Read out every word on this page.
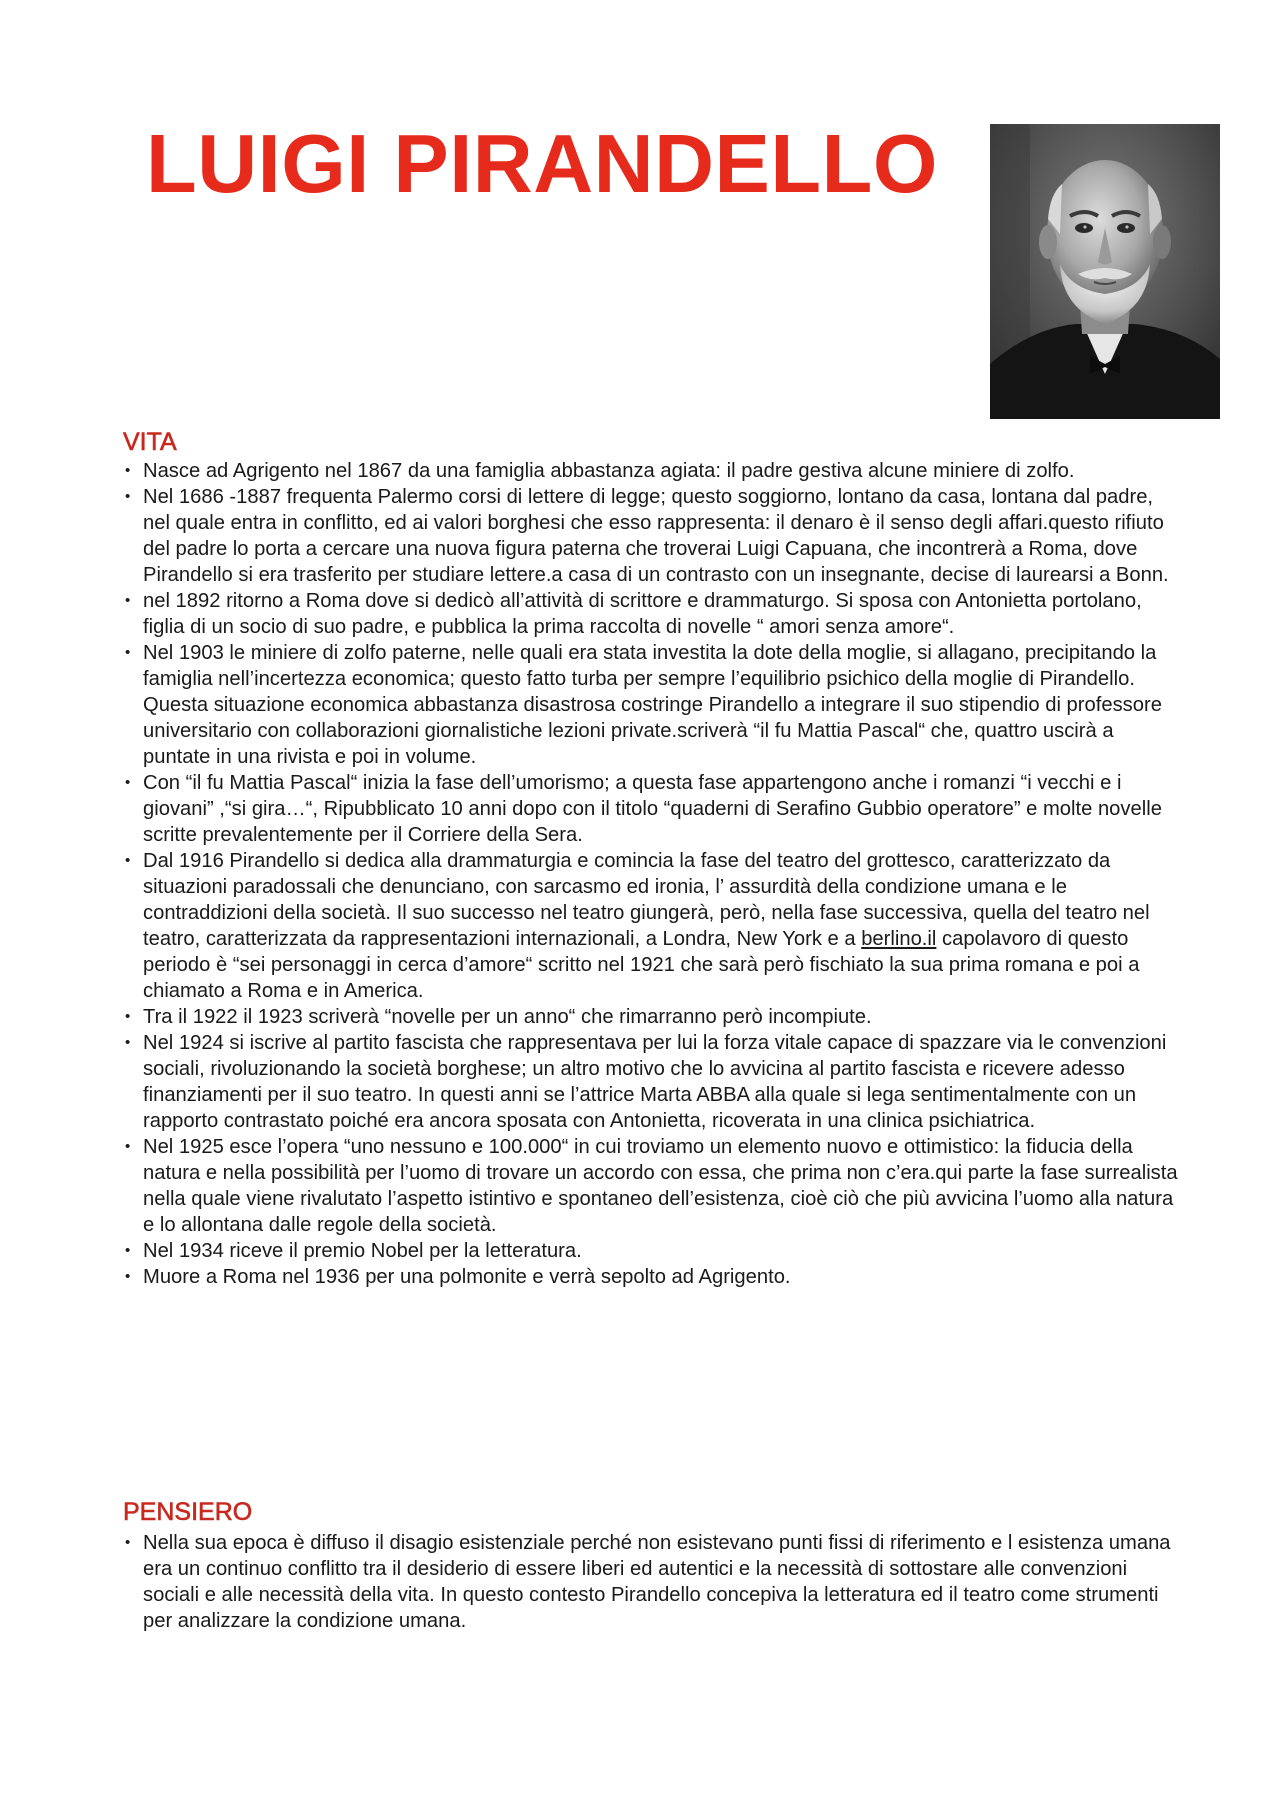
LUIGI PIRANDELLO
VITA
• Nasce ad Agrigento nel 1867 da una famiglia abbastanza agiata: il padre gestiva alcune miniere di zolfo.
• Nel 1686 -1887 frequenta Palermo corsi di lettere di legge; questo soggiorno, lontano da casa, lontana dal padre, nel quale entra in conflitto, ed ai valori borghesi che esso rappresenta: il denaro è il senso degli affari.questo rifiuto del padre lo porta a cercare una nuova figura paterna che troverai Luigi Capuana, che incontrerà a Roma, dove Pirandello si era trasferito per studiare lettere.a casa di un contrasto con un insegnante, decise di laurearsi a Bonn.
• nel 1892 ritorno a Roma dove si dedicò all’attività di scrittore e drammaturgo. Si sposa con Antonietta portolano, figlia di un socio di suo padre, e pubblica la prima raccolta di novelle “ amori senza amore“.
• Nel 1903 le miniere di zolfo paterne, nelle quali era stata investita la dote della moglie, si allagano, precipitando la famiglia nell’incertezza economica; questo fatto turba per sempre l’equilibrio psichico della moglie di Pirandello. Questa situazione economica abbastanza disastrosa costringe Pirandello a integrare il suo stipendio di professore universitario con collaborazioni giornalistiche lezioni private.scriverà “il fu Mattia Pascal“ che, quattro uscirà a puntate in una rivista e poi in volume.
• Con “il fu Mattia Pascal“ inizia la fase dell’umorismo; a questa fase appartengono anche i romanzi “i vecchi e i giovani” ,“si gira…“, Ripubblicato 10 anni dopo con il titolo “quaderni di Serafino Gubbio operatore” e molte novelle scritte prevalentemente per il Corriere della Sera.
• Dal 1916 Pirandello si dedica alla drammaturgia e comincia la fase del teatro del grottesco, caratterizzato da situazioni paradossali che denunciano, con sarcasmo ed ironia, l’ assurdità della condizione umana e le contraddizioni della società. Il suo successo nel teatro giungerà, però, nella fase successiva, quella del teatro nel teatro, caratterizzata da rappresentazioni internazionali, a Londra, New York e a berlino.il capolavoro di questo periodo è “sei personaggi in cerca d’amore“ scritto nel 1921 che sarà però fischiato la sua prima romana e poi a chiamato a Roma e in America.
• Tra il 1922 il 1923 scriverà “novelle per un anno“ che rimarranno però incompiute.
• Nel 1924 si iscrive al partito fascista che rappresentava per lui la forza vitale capace di spazzare via le convenzioni sociali, rivoluzionando la società borghese; un altro motivo che lo avvicina al partito fascista e ricevere adesso finanziamenti per il suo teatro. In questi anni se l’attrice Marta ABBA alla quale si lega sentimentalmente con un rapporto contrastato poiché era ancora sposata con Antonietta, ricoverata in una clinica psichiatrica.
• Nel 1925 esce l’opera “uno nessuno e 100.000“ in cui troviamo un elemento nuovo e ottimistico: la fiducia della natura e nella possibilità per l’uomo di trovare un accordo con essa, che prima non c’era.qui parte la fase surrealista nella quale viene rivalutato l’aspetto istintivo e spontaneo dell’esistenza, cioè ciò che più avvicina l’uomo alla natura e lo allontana dalle regole della società.
• Nel 1934 riceve il premio Nobel per la letteratura.
• Muore a Roma nel 1936 per una polmonite e verrà sepolto ad Agrigento.
PENSIERO
• Nella sua epoca è diffuso il disagio esistenziale perché non esistevano punti fissi di riferimento e l esistenza umana era un continuo conflitto tra il desiderio di essere liberi ed autentici e la necessità di sottostare alle convenzioni sociali e alle necessità della vita. In questo contesto Pirandello concepiva la letteratura ed il teatro come strumenti per analizzare la condizione umana.
